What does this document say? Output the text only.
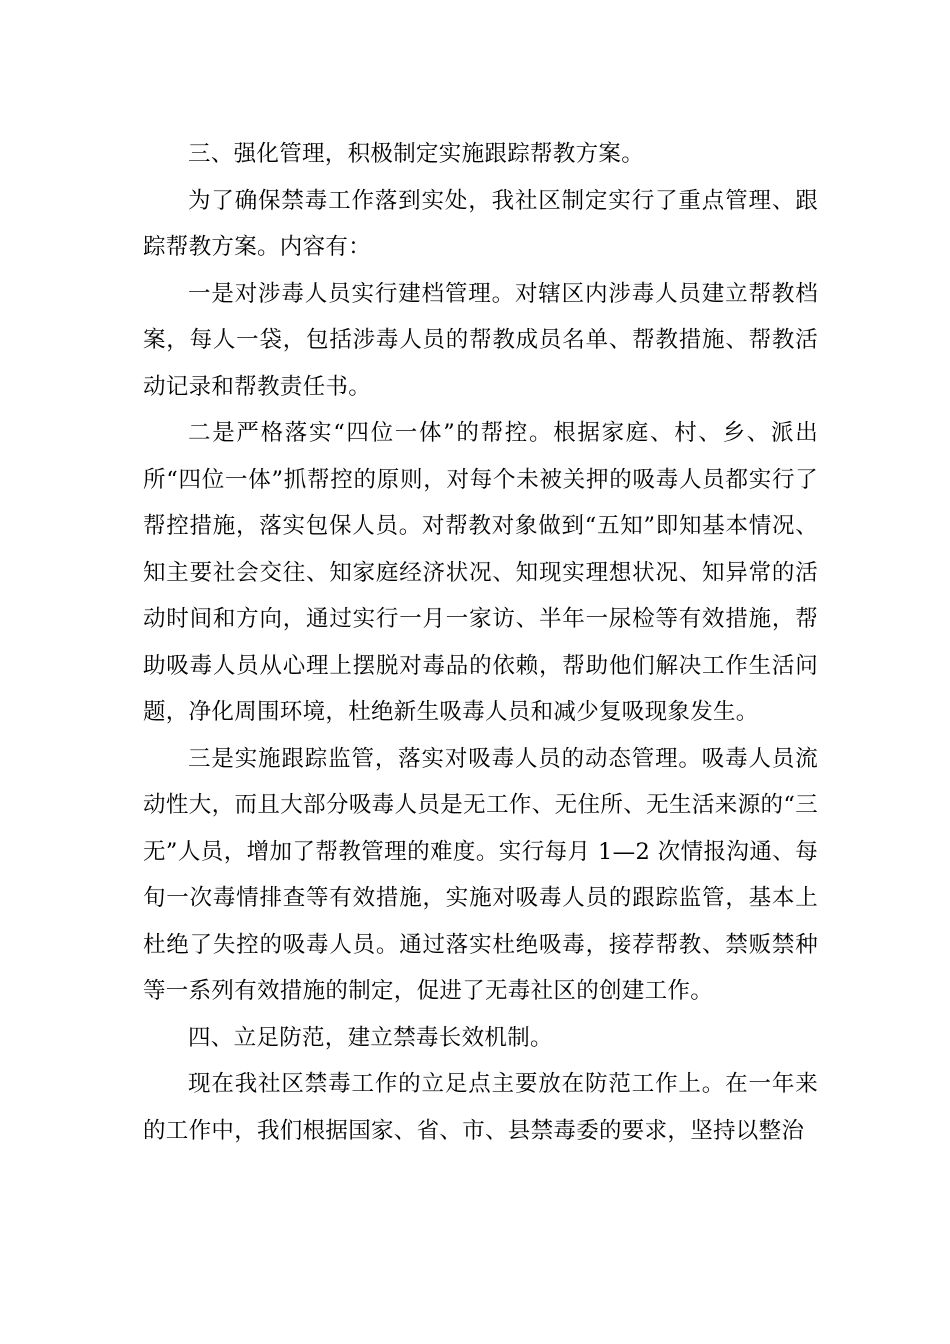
三、强化管理，积极制定实施跟踪帮教方案。

为了确保禁毒工作落到实处，我社区制定实行了重点管理、跟踪帮教方案。内容有：

一是对涉毒人员实行建档管理。对辖区内涉毒人员建立帮教档案，每人一袋，包括涉毒人员的帮教成员名单、帮教措施、帮教活动记录和帮教责任书。

二是严格落实“四位一体”的帮控。根据家庭、村、乡、派出所“四位一体”抓帮控的原则，对每个未被关押的吸毒人员都实行了帮控措施，落实包保人员。对帮教对象做到“五知”即知基本情况、知主要社会交往、知家庭经济状况、知现实理想状况、知异常的活动时间和方向，通过实行一月一家访、半年一尿检等有效措施，帮助吸毒人员从心理上摆脱对毒品的依赖，帮助他们解决工作生活问题，净化周围环境，杜绝新生吸毒人员和减少复吸现象发生。

三是实施跟踪监管，落实对吸毒人员的动态管理。吸毒人员流动性大，而且大部分吸毒人员是无工作、无住所、无生活来源的“三无”人员，增加了帮教管理的难度。实行每月 1—2 次情报沟通、每旬一次毒情排查等有效措施，实施对吸毒人员的跟踪监管，基本上杜绝了失控的吸毒人员。通过落实杜绝吸毒，接荐帮教、禁贩禁种等一系列有效措施的制定，促进了无毒社区的创建工作。

四、立足防范，建立禁毒长效机制。

现在我社区禁毒工作的立足点主要放在防范工作上。在一年来的工作中，我们根据国家、省、市、县禁毒委的要求，坚持以整治
